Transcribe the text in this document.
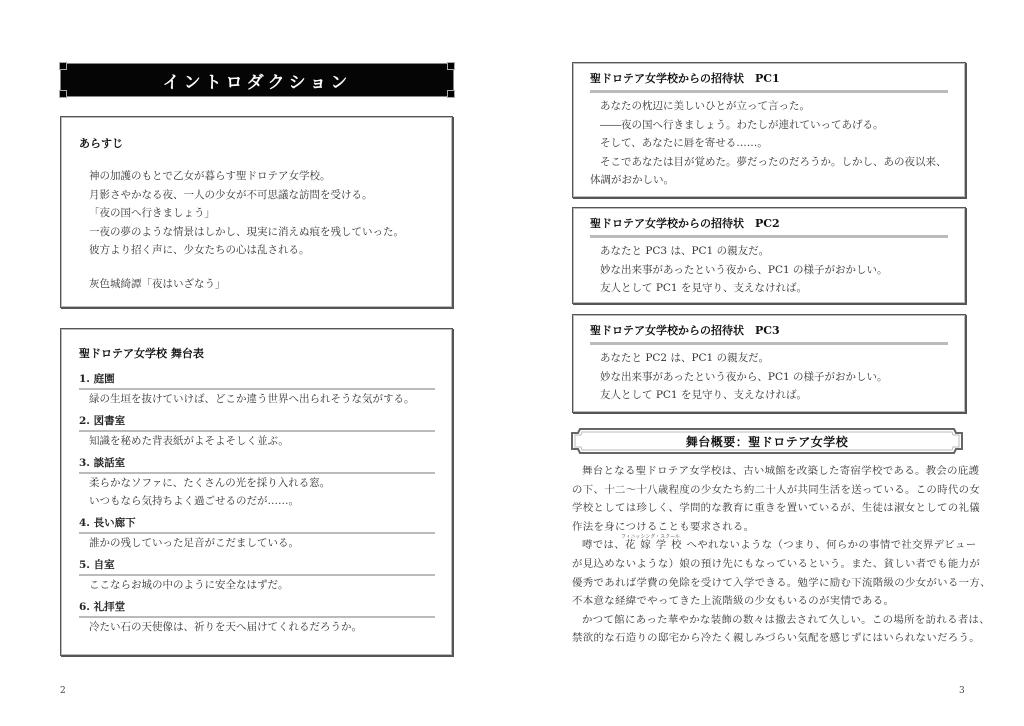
イントロダクション
あらすじ
神の加護のもとで乙女が暮らす聖ドロテア女学校。
月影さやかなる夜、一人の少女が不可思議な訪問を受ける。
「夜の国へ行きましょう」
一夜の夢のような情景はしかし、現実に消えぬ痕を残していった。
彼方より招く声に、少女たちの心は乱される。
灰色城綺譚「夜はいざなう」
聖ドロテア女学校 舞台表
1. 庭園
緑の生垣を抜けていけば、どこか違う世界へ出られそうな気がする。
2. 図書室
知識を秘めた背表紙がよそよそしく並ぶ。
3. 談話室
柔らかなソファに、たくさんの光を採り入れる窓。
いつもなら気持ちよく過ごせるのだが……。
4. 長い廊下
誰かの残していった足音がこだましている。
5. 自室
ここならお城の中のように安全なはずだ。
6. 礼拝堂
冷たい石の天使像は、祈りを天へ届けてくれるだろうか。
2	3
聖ドロテア女学校からの招待状　PC1
あなたの枕辺に美しいひとが立って言った。
――夜の国へ行きましょう。わたしが連れていってあげる。
そして、あなたに唇を寄せる……。
そこであなたは目が覚めた。夢だったのだろうか。しかし、あの夜以来、
体調がおかしい。
聖ドロテア女学校からの招待状　PC2
あなたと PC3 は、PC1 の親友だ。
妙な出来事があったという夜から、PC1 の様子がおかしい。
友人として PC1 を見守り、支えなければ。
聖ドロテア女学校からの招待状　PC3
あなたと PC2 は、PC1 の親友だ。
妙な出来事があったという夜から、PC1 の様子がおかしい。
友人として PC1 を見守り、支えなければ。
舞台概要：聖ドロテア女学校
舞台となる聖ドロテア女学校は、古い城館を改築した寄宿学校である。教会の庇護
の下、十二～十八歳程度の少女たち約二十人が共同生活を送っている。この時代の女
学校としては珍しく、学問的な教育に重きを置いているが、生徒は淑女としての礼儀
作法を身につけることも要求される。
噂では、
フィニッシング・スクール
花嫁学校へやれないような（つまり、何らかの事情で社交界デビュー
が見込めないような）娘の預け先にもなっているという。また、貧しい者でも能力が
優秀であれば学費の免除を受けて入学できる。勉学に励む下流階級の少女がいる一方、
不本意な経緯でやってきた上流階級の少女もいるのが実情である。
かつて館にあった華やかな装飾の数々は撤去されて久しい。この場所を訪れる者は、
禁欲的な石造りの邸宅から冷たく親しみづらい気配を感じずにはいられないだろう。
